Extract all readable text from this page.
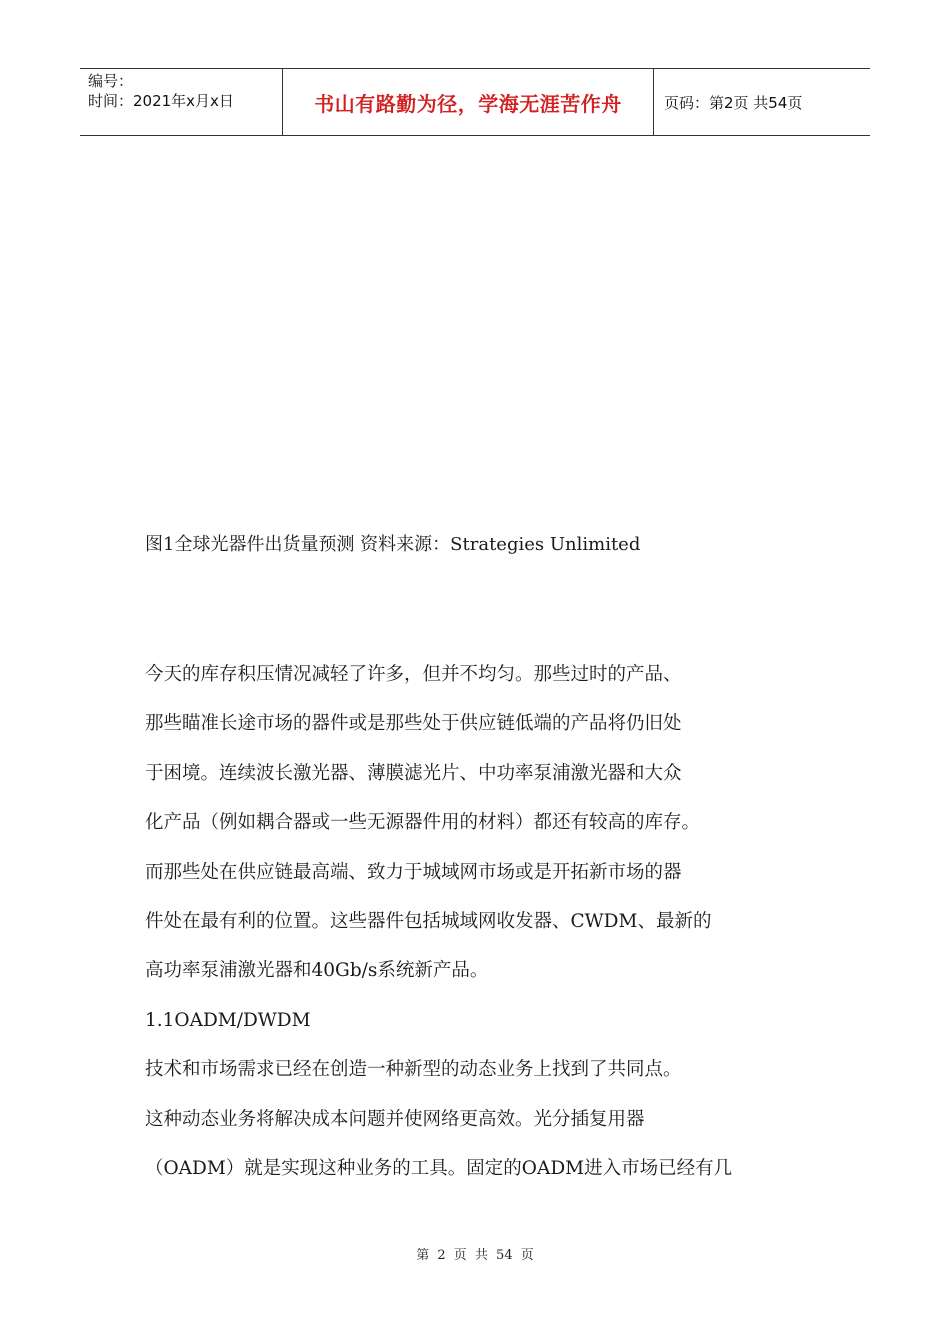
编号：
时间：2021年x月x日	书山有路勤为径，学海无涯苦作舟	页码：第2页 共54页
图1全球光器件出货量预测 资料来源：Strategies Unlimited

今天的库存积压情况减轻了许多，但并不均匀。那些过时的产品、

那些瞄准长途市场的器件或是那些处于供应链低端的产品将仍旧处

于困境。连续波长激光器、薄膜滤光片、中功率泵浦激光器和大众

化产品（例如耦合器或一些无源器件用的材料）都还有较高的库存。

而那些处在供应链最高端、致力于城域网市场或是开拓新市场的器

件处在最有利的位置。这些器件包括城域网收发器、CWDM、最新的

高功率泵浦激光器和40Gb/s系统新产品。

1.1OADM/DWDM

技术和市场需求已经在创造一种新型的动态业务上找到了共同点。

这种动态业务将解决成本问题并使网络更高效。光分插复用器

（OADM）就是实现这种业务的工具。固定的OADM进入市场已经有几

第 2 页 共 54 页
